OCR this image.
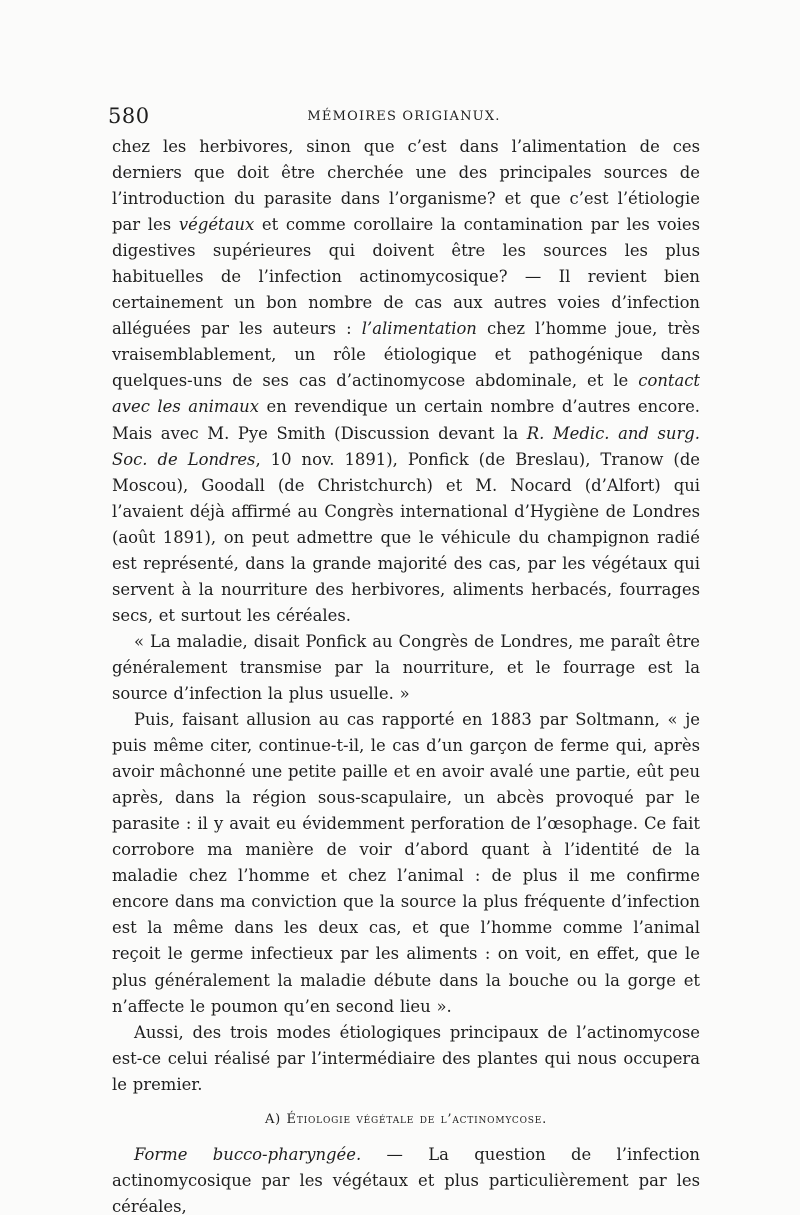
580	MÉMOIRES ORIGIANUX.

chez les herbivores, sinon que c’est dans l’alimentation de ces derniers que doit être cherchée une des principales sources de l’introduction du parasite dans l’organisme? et que c’est l’étiologie par les végétaux et comme corollaire la contamination par les voies digestives supérieures qui doivent être les sources les plus habituelles de l’infection actinomycosique? — Il revient bien certainement un bon nombre de cas aux autres voies d’infection alléguées par les auteurs : l’alimentation chez l’homme joue, très vraisemblablement, un rôle étiologique et pathogénique dans quelques-uns de ses cas d’actinomycose abdominale, et le contact avec les animaux en revendique un certain nombre d’autres encore. Mais avec M. Pye Smith (Discussion devant la R. Medic. and surg. Soc. de Londres, 10 nov. 1891), Ponfick (de Breslau), Tranow (de Moscou), Goodall (de Christchurch) et M. Nocard (d’Alfort) qui l’avaient déjà affirmé au Congrès international d’Hygiène de Londres (août 1891), on peut admettre que le véhicule du champignon radié est représenté, dans la grande majorité des cas, par les végétaux qui servent à la nourriture des herbivores, aliments herbacés, fourrages secs, et surtout les céréales.

« La maladie, disait Ponfick au Congrès de Londres, me paraît être généralement transmise par la nourriture, et le fourrage est la source d’infection la plus usuelle. »

Puis, faisant allusion au cas rapporté en 1883 par Soltmann, « je puis même citer, continue-t-il, le cas d’un garçon de ferme qui, après avoir mâchonné une petite paille et en avoir avalé une partie, eût peu après, dans la région sous-scapulaire, un abcès provoqué par le parasite : il y avait eu évidemment perforation de l’œsophage. Ce fait corrobore ma manière de voir d’abord quant à l’identité de la maladie chez l’homme et chez l’animal : de plus il me confirme encore dans ma conviction que la source la plus fréquente d’infection est la même dans les deux cas, et que l’homme comme l’animal reçoit le germe infectieux par les aliments : on voit, en effet, que le plus généralement la maladie débute dans la bouche ou la gorge et n’affecte le poumon qu’en second lieu ».

Aussi, des trois modes étiologiques principaux de l’actinomycose est-ce celui réalisé par l’intermédiaire des plantes qui nous occupera le premier.

A) Étiologie végétale de l’actinomycose.

Forme bucco-pharyngée. — La question de l’infection actinomycosique par les végétaux et plus particulièrement par les céréales,
